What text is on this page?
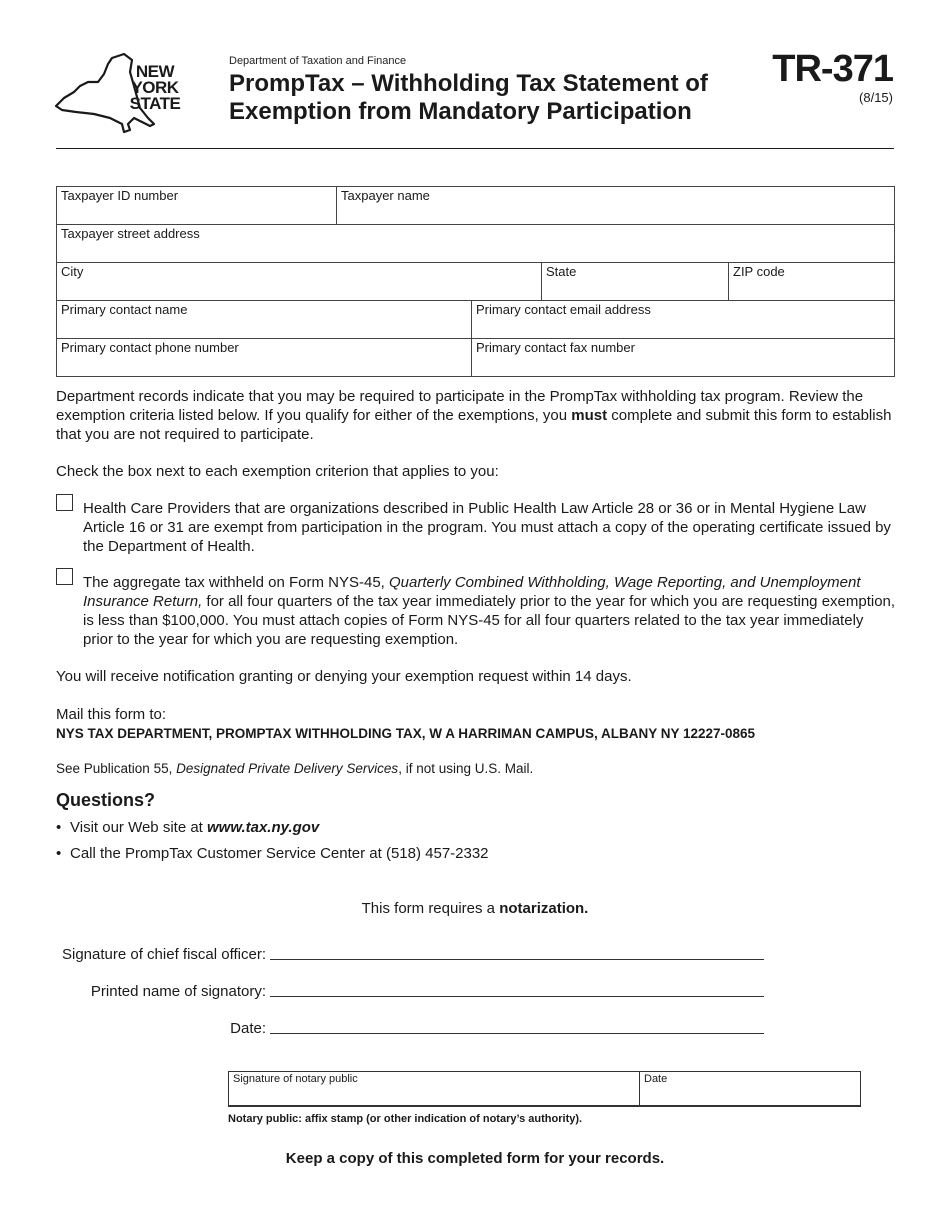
NEW YORK STATE
Department of Taxation and Finance
PrompTax – Withholding Tax Statement of
Exemption from Mandatory Participation
TR-371
(8/15)
Taxpayer ID number	Taxpayer name
Taxpayer street address
City	State	ZIP code
Primary contact name	Primary contact email address
Primary contact phone number	Primary contact fax number
Department records indicate that you may be required to participate in the PrompTax withholding tax program. Review the exemption criteria listed below. If you qualify for either of the exemptions, you must complete and submit this form to establish that you are not required to participate.
Check the box next to each exemption criterion that applies to you:
Health Care Providers that are organizations described in Public Health Law Article 28 or 36 or in Mental Hygiene Law Article 16 or 31 are exempt from participation in the program. You must attach a copy of the operating certificate issued by the Department of Health.
The aggregate tax withheld on Form NYS-45, Quarterly Combined Withholding, Wage Reporting, and Unemployment Insurance Return, for all four quarters of the tax year immediately prior to the year for which you are requesting exemption, is less than $100,000. You must attach copies of Form NYS-45 for all four quarters related to the tax year immediately prior to the year for which you are requesting exemption.
You will receive notification granting or denying your exemption request within 14 days.
Mail this form to:
NYS TAX DEPARTMENT, PROMPTAX WITHHOLDING TAX, W A HARRIMAN CAMPUS, ALBANY NY 12227-0865
See Publication 55, Designated Private Delivery Services, if not using U.S. Mail.
Questions?
• Visit our Web site at
www.tax.ny.gov
• Call the PrompTax Customer Service Center at (518) 457-2332
This form requires a notarization.
Signature of chief fiscal officer:
Printed name of signatory:
Date:
Signature of notary public	Date
Notary public: affix stamp (or other indication of notary’s authority).
Keep a copy of this completed form for your records.
